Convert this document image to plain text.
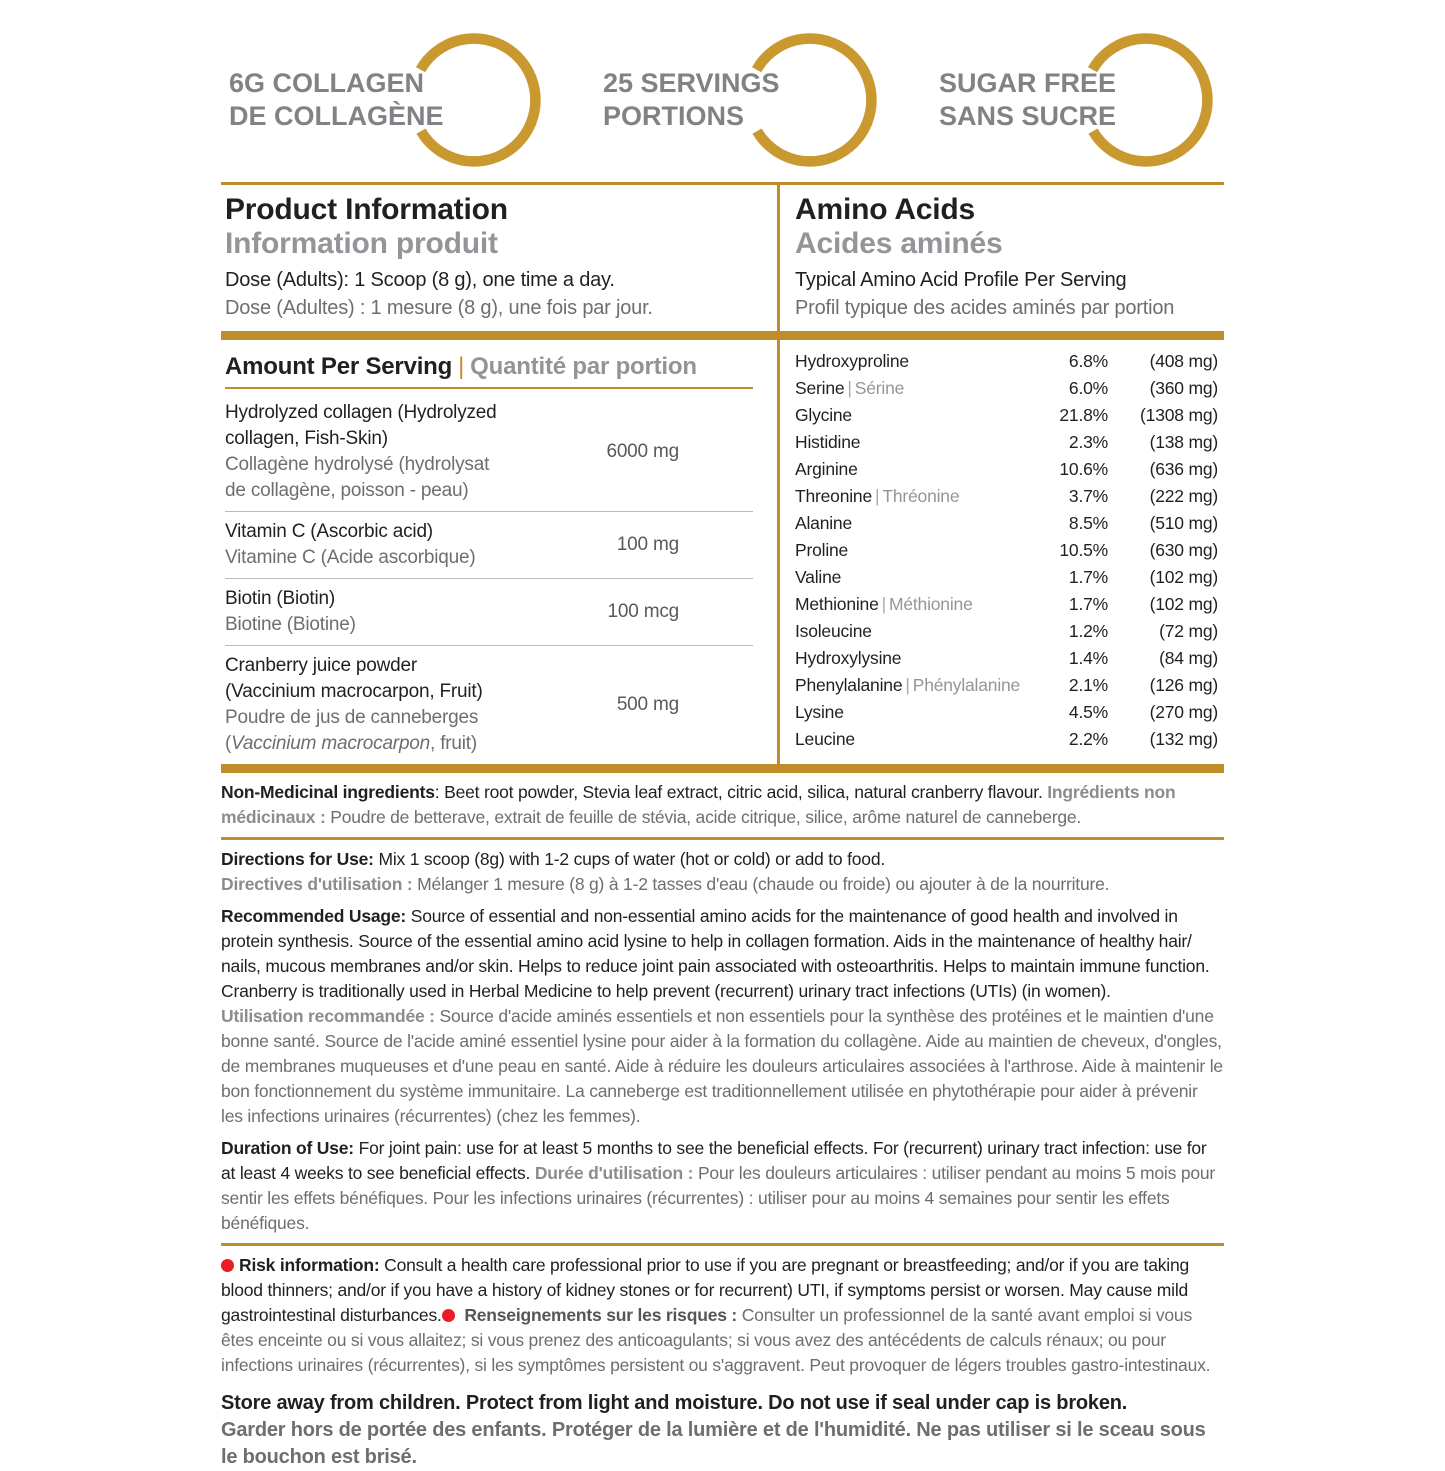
6G COLLAGEN
DE COLLAGÈNE
25 SERVINGS
PORTIONS
SUGAR FREE
SANS SUCRE
Product Information
Information produit
Dose (Adults): 1 Scoop (8 g), one time a day.
Dose (Adultes) : 1 mesure (8 g), une fois par jour.
Amino Acids
Acides aminés
Typical Amino Acid Profile Per Serving
Profil typique des acides aminés par portion
Amount Per Serving | Quantité par portion
Hydrolyzed collagen (Hydrolyzed collagen, Fish-Skin)
Collagène hydrolysé (hydrolysat de collagène, poisson - peau)
6000 mg
Vitamin C (Ascorbic acid)
Vitamine C (Acide ascorbique)
100 mg
Biotin (Biotin)
Biotine (Biotine)
100 mcg
Cranberry juice powder (Vaccinium macrocarpon, Fruit)
Poudre de jus de canneberges (Vaccinium macrocarpon, fruit)
500 mg
Hydroxyproline	6.8%	(408 mg)
Serine | Sérine	6.0%	(360 mg)
Glycine	21.8%	(1308 mg)
Histidine	2.3%	(138 mg)
Arginine	10.6%	(636 mg)
Threonine | Thréonine	3.7%	(222 mg)
Alanine	8.5%	(510 mg)
Proline	10.5%	(630 mg)
Valine	1.7%	(102 mg)
Methionine | Méthionine	1.7%	(102 mg)
Isoleucine	1.2%	(72 mg)
Hydroxylysine	1.4%	(84 mg)
Phenylalanine | Phénylalanine	2.1%	(126 mg)
Lysine	4.5%	(270 mg)
Leucine	2.2%	(132 mg)

Non-Medicinal ingredients: Beet root powder, Stevia leaf extract, citric acid, silica, natural cranberry flavour. Ingrédients non médicinaux : Poudre de betterave, extrait de feuille de stévia, acide citrique, silice, arôme naturel de canneberge.

Directions for Use: Mix 1 scoop (8g) with 1-2 cups of water (hot or cold) or add to food.
Directives d'utilisation : Mélanger 1 mesure (8 g) à 1-2 tasses d'eau (chaude ou froide) ou ajouter à de la nourriture.

Recommended Usage: Source of essential and non-essential amino acids for the maintenance of good health and involved in protein synthesis. Source of the essential amino acid lysine to help in collagen formation. Aids in the maintenance of healthy hair/ nails, mucous membranes and/or skin. Helps to reduce joint pain associated with osteoarthritis. Helps to maintain immune function. Cranberry is traditionally used in Herbal Medicine to help prevent (recurrent) urinary tract infections (UTIs) (in women).
Utilisation recommandée : Source d'acide aminés essentiels et non essentiels pour la synthèse des protéines et le maintien d'une bonne santé. Source de l'acide aminé essentiel lysine pour aider à la formation du collagène. Aide au maintien de cheveux, d'ongles, de membranes muqueuses et d'une peau en santé. Aide à réduire les douleurs articulaires associées à l'arthrose. Aide à maintenir le bon fonctionnement du système immunitaire. La canneberge est traditionnellement utilisée en phytothérapie pour aider à prévenir les infections urinaires (récurrentes) (chez les femmes).

Duration of Use: For joint pain: use for at least 5 months to see the beneficial effects. For (recurrent) urinary tract infection: use for at least 4 weeks to see beneficial effects. Durée d'utilisation : Pour les douleurs articulaires : utiliser pendant au moins 5 mois pour sentir les effets bénéfiques. Pour les infections urinaires (récurrentes) : utiliser pour au moins 4 semaines pour sentir les effets bénéfiques.

Risk information: Consult a health care professional prior to use if you are pregnant or breastfeeding; and/or if you are taking blood thinners; and/or if you have a history of kidney stones or for recurrent) UTI, if symptoms persist or worsen. May cause mild gastrointestinal disturbances. Renseignements sur les risques : Consulter un professionnel de la santé avant emploi si vous êtes enceinte ou si vous allaitez; si vous prenez des anticoagulants; si vous avez des antécédents de calculs rénaux; ou pour infections urinaires (récurrentes), si les symptômes persistent ou s'aggravent. Peut provoquer de légers troubles gastro-intestinaux.

Store away from children. Protect from light and moisture. Do not use if seal under cap is broken.
Garder hors de portée des enfants. Protéger de la lumière et de l'humidité. Ne pas utiliser si le sceau sous le bouchon est brisé.
